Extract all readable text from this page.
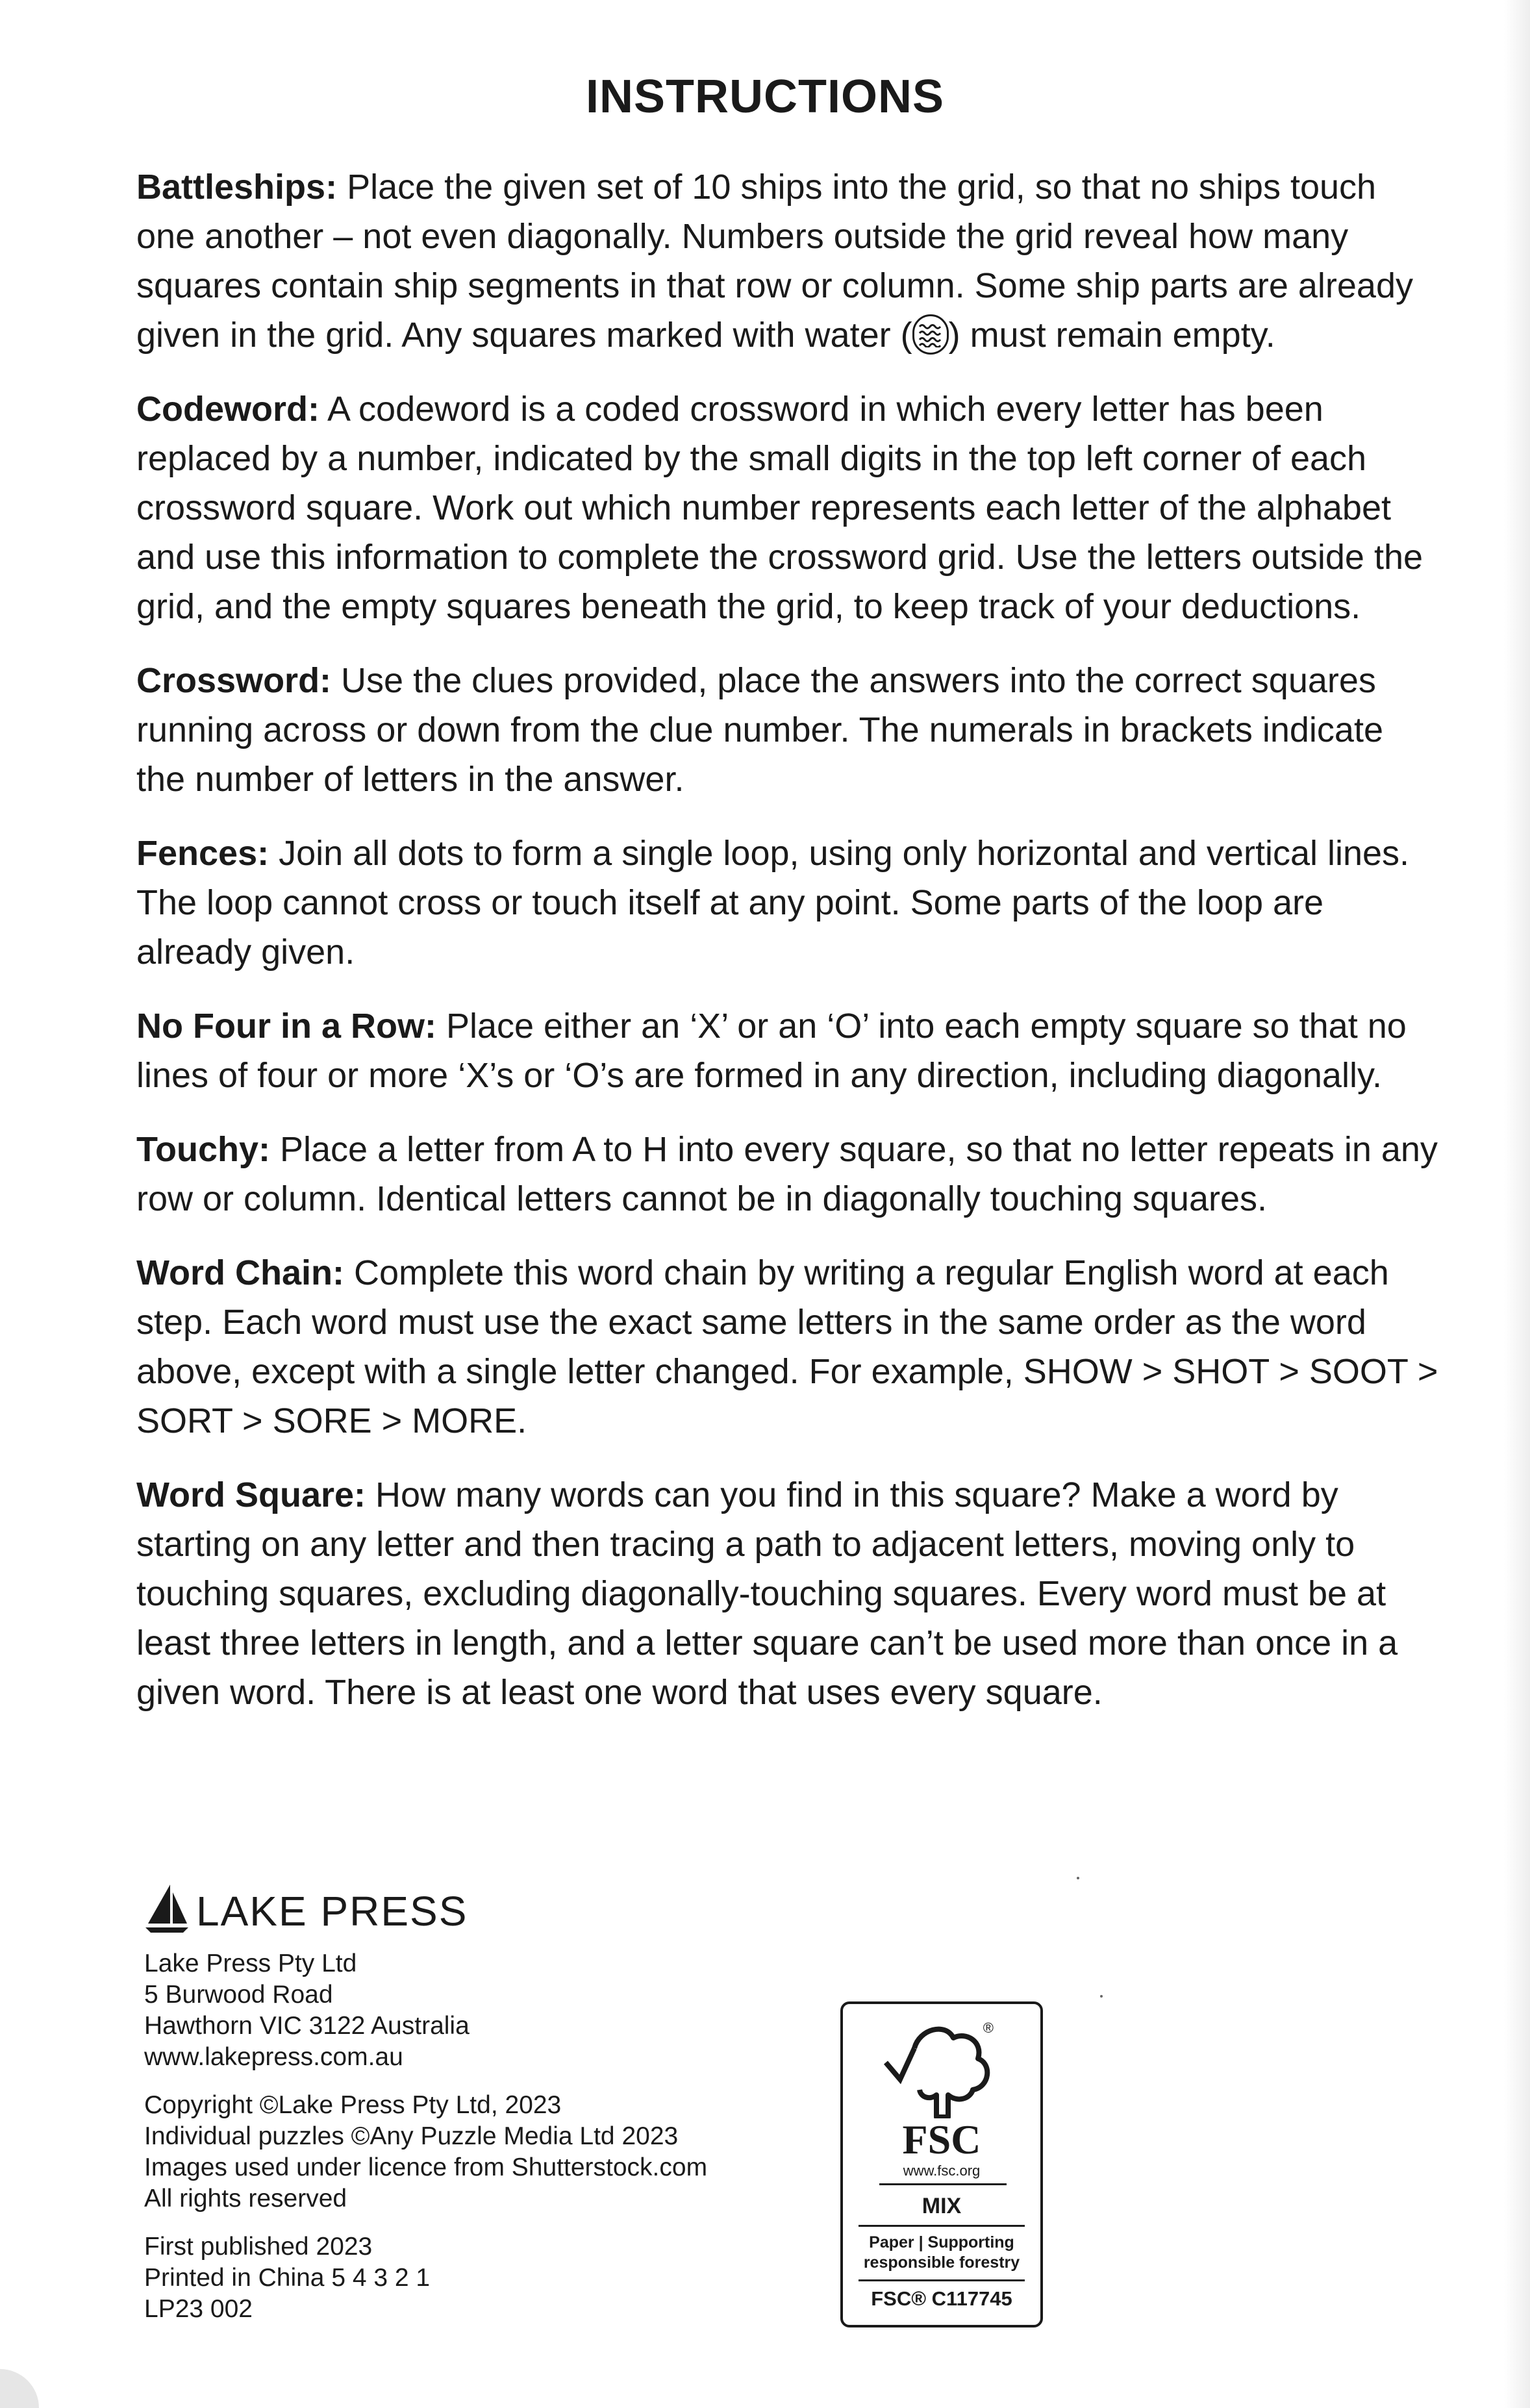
INSTRUCTIONS

Battleships: Place the given set of 10 ships into the grid, so that no ships touch one another – not even diagonally. Numbers outside the grid reveal how many squares contain ship segments in that row or column. Some ship parts are already given in the grid. Any squares marked with water ( ) must remain empty.

Codeword: A codeword is a coded crossword in which every letter has been replaced by a number, indicated by the small digits in the top left corner of each crossword square. Work out which number represents each letter of the alphabet and use this information to complete the crossword grid. Use the letters outside the grid, and the empty squares beneath the grid, to keep track of your deductions.

Crossword: Use the clues provided, place the answers into the correct squares running across or down from the clue number. The numerals in brackets indicate the number of letters in the answer.

Fences: Join all dots to form a single loop, using only horizontal and vertical lines. The loop cannot cross or touch itself at any point. Some parts of the loop are already given.

No Four in a Row: Place either an ‘X’ or an ‘O’ into each empty square so that no lines of four or more ‘X’s or ‘O’s are formed in any direction, including diagonally.

Touchy: Place a letter from A to H into every square, so that no letter repeats in any row or column. Identical letters cannot be in diagonally touching squares.

Word Chain: Complete this word chain by writing a regular English word at each step. Each word must use the exact same letters in the same order as the word above, except with a single letter changed. For example, SHOW > SHOT > SOOT > SORT > SORE > MORE.

Word Square: How many words can you find in this square? Make a word by starting on any letter and then tracing a path to adjacent letters, moving only to touching squares, excluding diagonally-touching squares. Every word must be at least three letters in length, and a letter square can’t be used more than once in a given word. There is at least one word that uses every square.

LAKE PRESS
Lake Press Pty Ltd
5 Burwood Road
Hawthorn VIC 3122 Australia
www.lakepress.com.au
Copyright ©Lake Press Pty Ltd, 2023
Individual puzzles ©Any Puzzle Media Ltd 2023
Images used under licence from Shutterstock.com
All rights reserved
First published 2023
Printed in China 5 4 3 2 1
LP23 002
®
FSC
www.fsc.org
MIX
Paper | Supporting
responsible forestry
FSC® C117745
